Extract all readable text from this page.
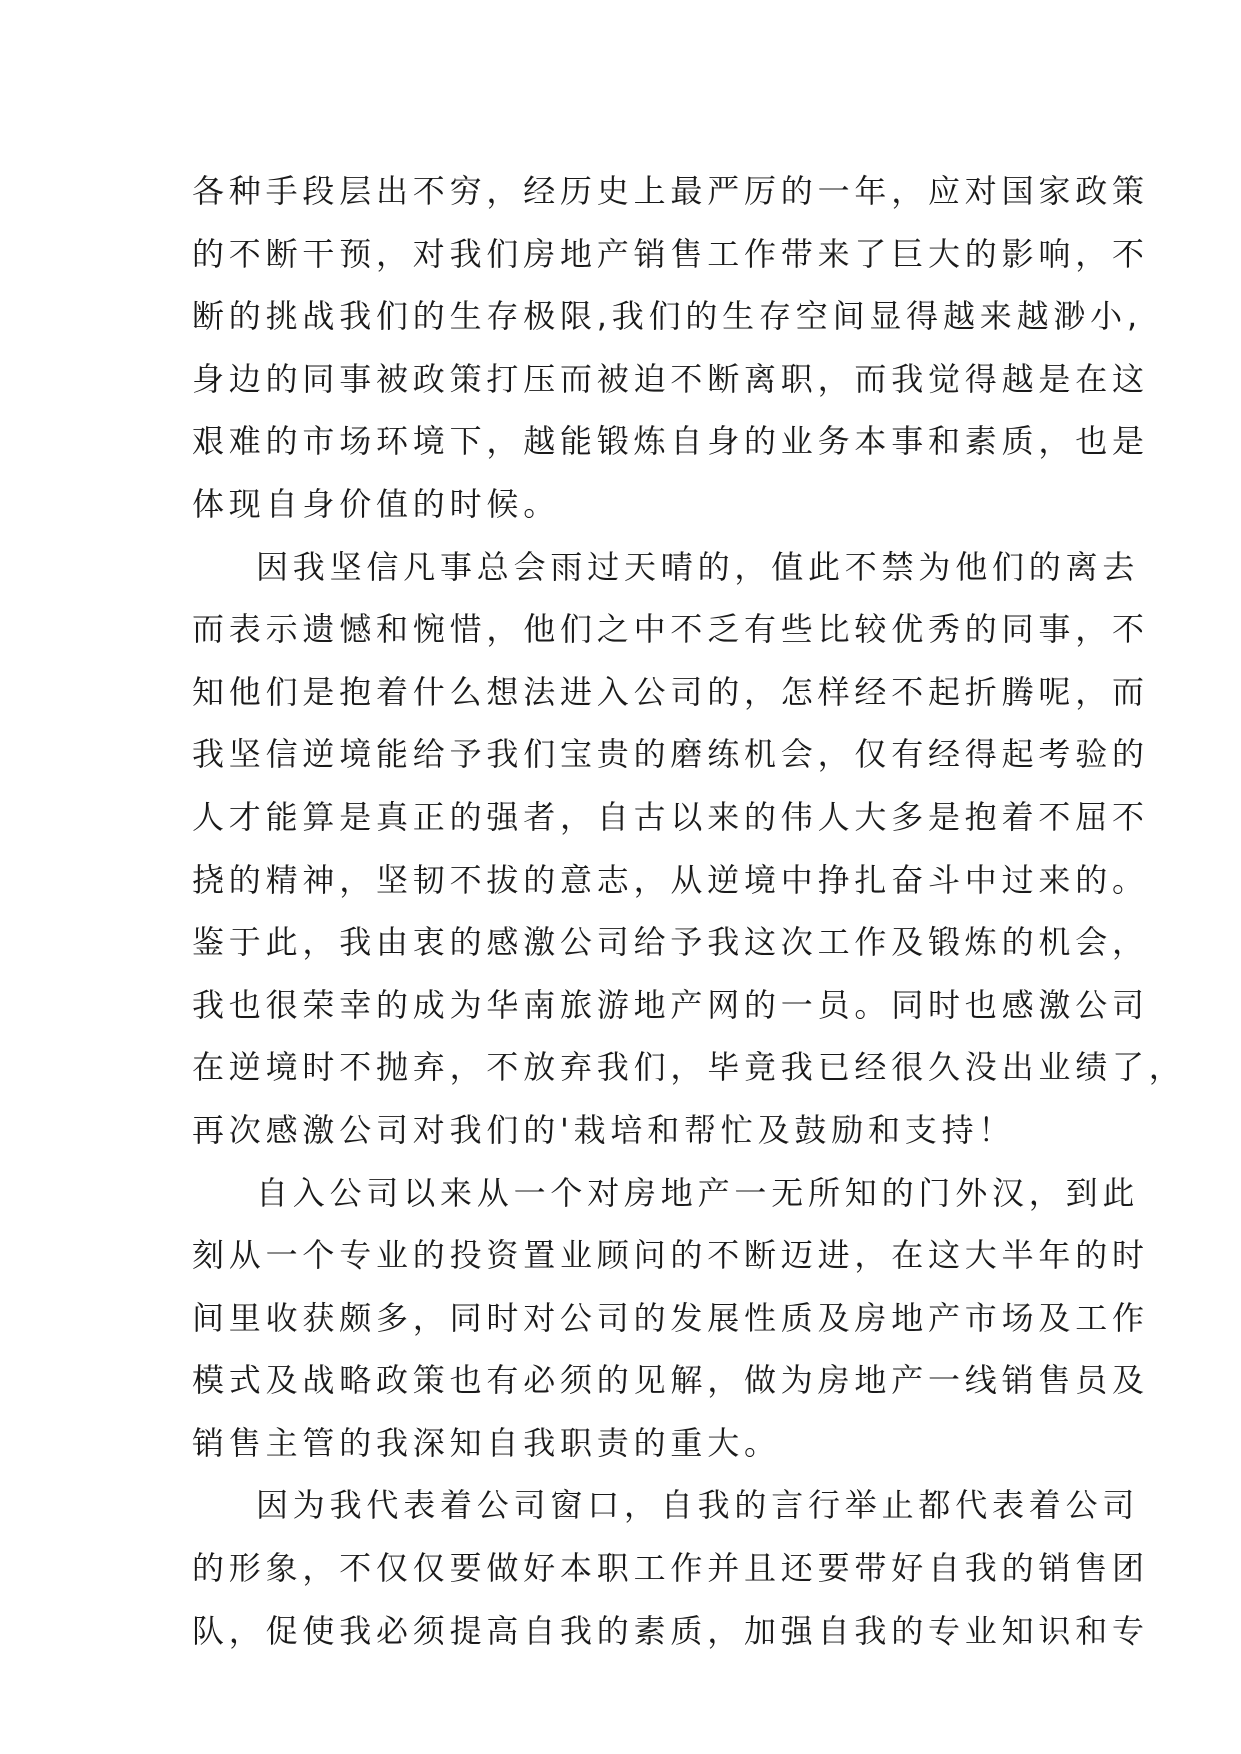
各种手段层出不穷，经历史上最严厉的一年，应对国家政策
的不断干预，对我们房地产销售工作带来了巨大的影响，不
断的挑战我们的生存极限,我们的生存空间显得越来越渺小,
身边的同事被政策打压而被迫不断离职，而我觉得越是在这
艰难的市场环境下，越能锻炼自身的业务本事和素质，也是
体现自身价值的时候。
因我坚信凡事总会雨过天晴的，值此不禁为他们的离去
而表示遗憾和惋惜，他们之中不乏有些比较优秀的同事，不
知他们是抱着什么想法进入公司的，怎样经不起折腾呢，而
我坚信逆境能给予我们宝贵的磨练机会，仅有经得起考验的
人才能算是真正的强者，自古以来的伟人大多是抱着不屈不
挠的精神，坚韧不拔的意志，从逆境中挣扎奋斗中过来的。
鉴于此，我由衷的感激公司给予我这次工作及锻炼的机会，
我也很荣幸的成为华南旅游地产网的一员。同时也感激公司
在逆境时不抛弃，不放弃我们，毕竟我已经很久没出业绩了，
再次感激公司对我们的'栽培和帮忙及鼓励和支持！
自入公司以来从一个对房地产一无所知的门外汉，到此
刻从一个专业的投资置业顾问的不断迈进，在这大半年的时
间里收获颇多，同时对公司的发展性质及房地产市场及工作
模式及战略政策也有必须的见解，做为房地产一线销售员及
销售主管的我深知自我职责的重大。
因为我代表着公司窗口，自我的言行举止都代表着公司
的形象，不仅仅要做好本职工作并且还要带好自我的销售团
队，促使我必须提高自我的素质，加强自我的专业知识和专
